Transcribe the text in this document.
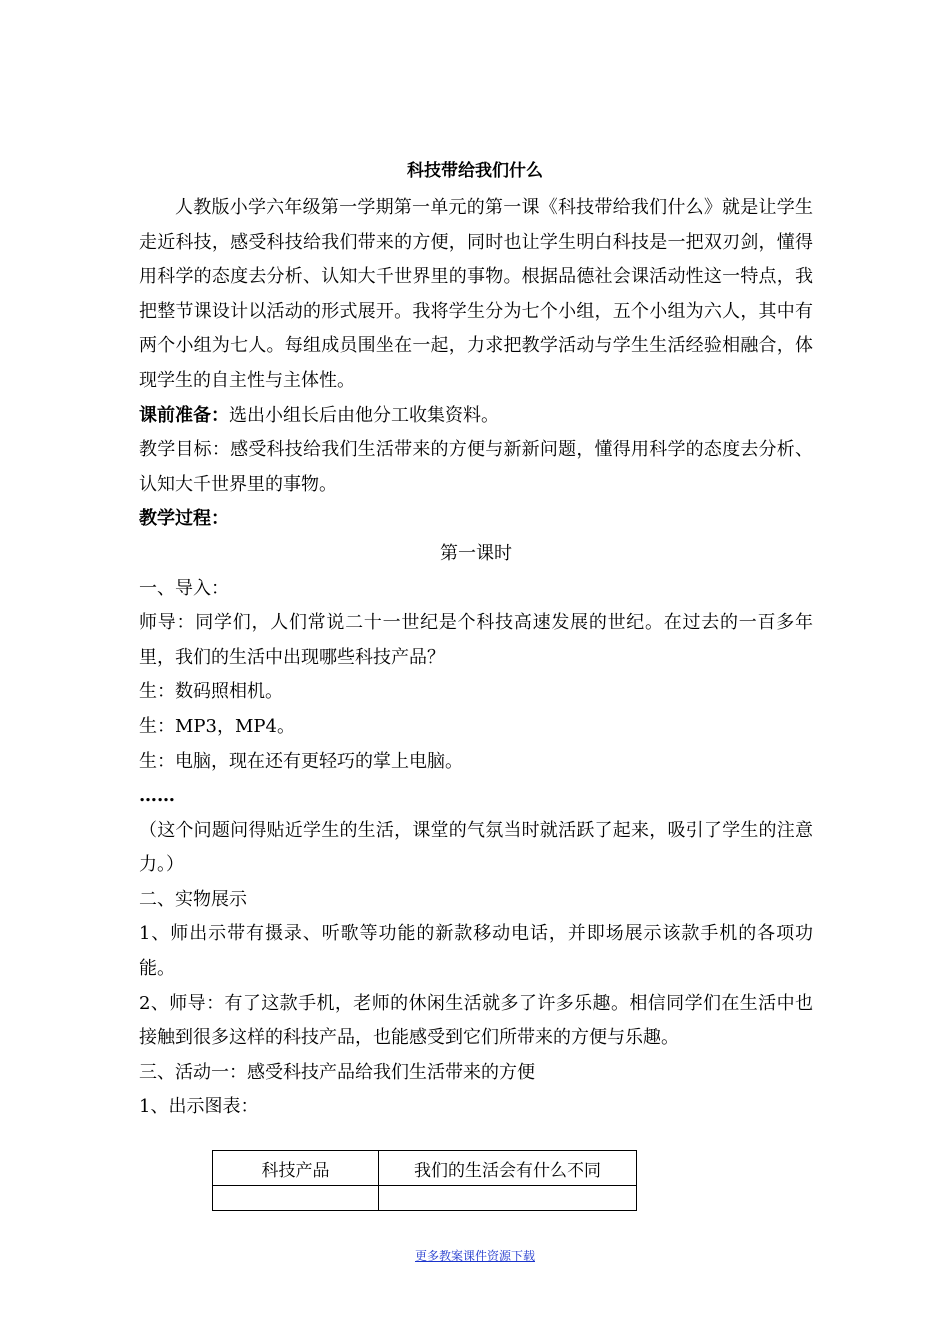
科技带给我们什么

人教版小学六年级第一学期第一单元的第一课《科技带给我们什么》就是让学生走近科技，感受科技给我们带来的方便，同时也让学生明白科技是一把双刃剑，懂得用科学的态度去分析、认知大千世界里的事物。根据品德社会课活动性这一特点，我把整节课设计以活动的形式展开。我将学生分为七个小组，五个小组为六人，其中有两个小组为七人。每组成员围坐在一起，力求把教学活动与学生生活经验相融合，体现学生的自主性与主体性。

课前准备：选出小组长后由他分工收集资料。

教学目标：感受科技给我们生活带来的方便与新新问题，懂得用科学的态度去分析、认知大千世界里的事物。

教学过程：

第一课时

一、导入：

师导：同学们，人们常说二十一世纪是个科技高速发展的世纪。在过去的一百多年里，我们的生活中出现哪些科技产品？

生：数码照相机。

生：MP3，MP4。

生：电脑，现在还有更轻巧的掌上电脑。

……

（这个问题问得贴近学生的生活，课堂的气氛当时就活跃了起来，吸引了学生的注意力。）

二、实物展示

1、师出示带有摄录、听歌等功能的新款移动电话，并即场展示该款手机的各项功能。

2、师导：有了这款手机，老师的休闲生活就多了许多乐趣。相信同学们在生活中也接触到很多这样的科技产品，也能感受到它们所带来的方便与乐趣。

三、活动一：感受科技产品给我们生活带来的方便

1、出示图表：

科技产品	我们的生活会有什么不同

更多教案课件资源下载
